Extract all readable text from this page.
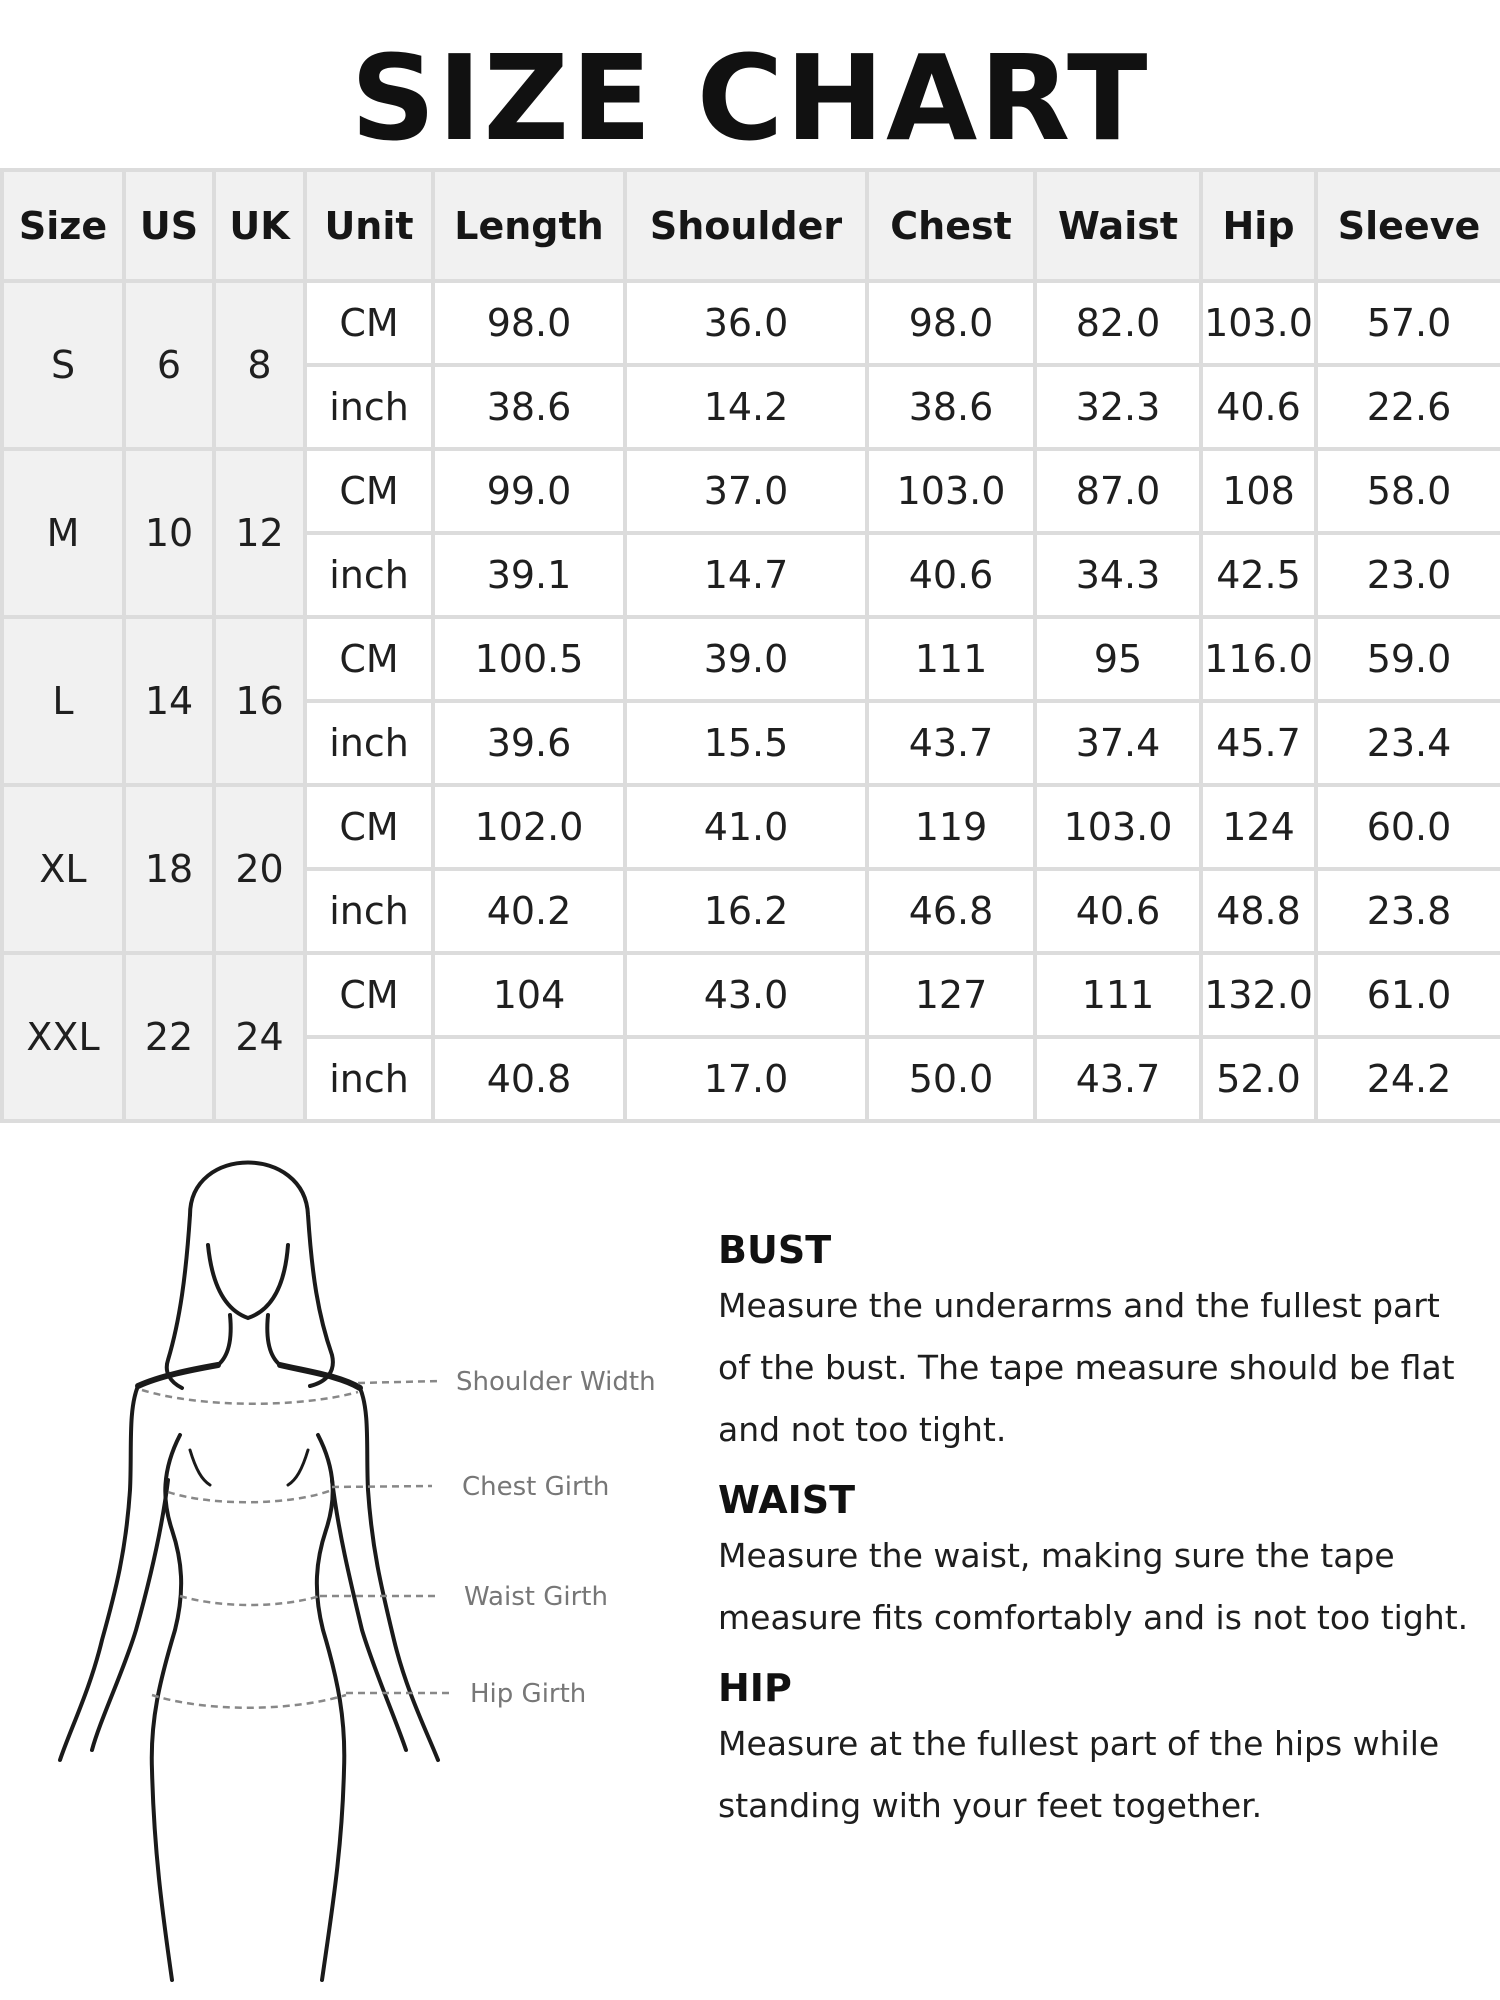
SIZE CHART
Size	US	UK	Unit	Length	Shoulder	Chest	Waist	Hip	Sleeve
S	6	8	CM	98.0	36.0	98.0	82.0	103.0	57.0
			inch	38.6	14.2	38.6	32.3	40.6	22.6
M	10	12	CM	99.0	37.0	103.0	87.0	108	58.0
			inch	39.1	14.7	40.6	34.3	42.5	23.0
L	14	16	CM	100.5	39.0	111	95	116.0	59.0
			inch	39.6	15.5	43.7	37.4	45.7	23.4
XL	18	20	CM	102.0	41.0	119	103.0	124	60.0
			inch	40.2	16.2	46.8	40.6	48.8	23.8
XXL	22	24	CM	104	43.0	127	111	132.0	61.0
			inch	40.8	17.0	50.0	43.7	52.0	24.2
Shoulder Width
Chest Girth
Waist Girth
Hip Girth
BUST

Measure the underarms and the fullest part of the bust. The tape measure should be flat and not too tight.

WAIST

Measure the waist, making sure the tape measure fits comfortably and is not too tight.

HIP

Measure at the fullest part of the hips while standing with your feet together.
